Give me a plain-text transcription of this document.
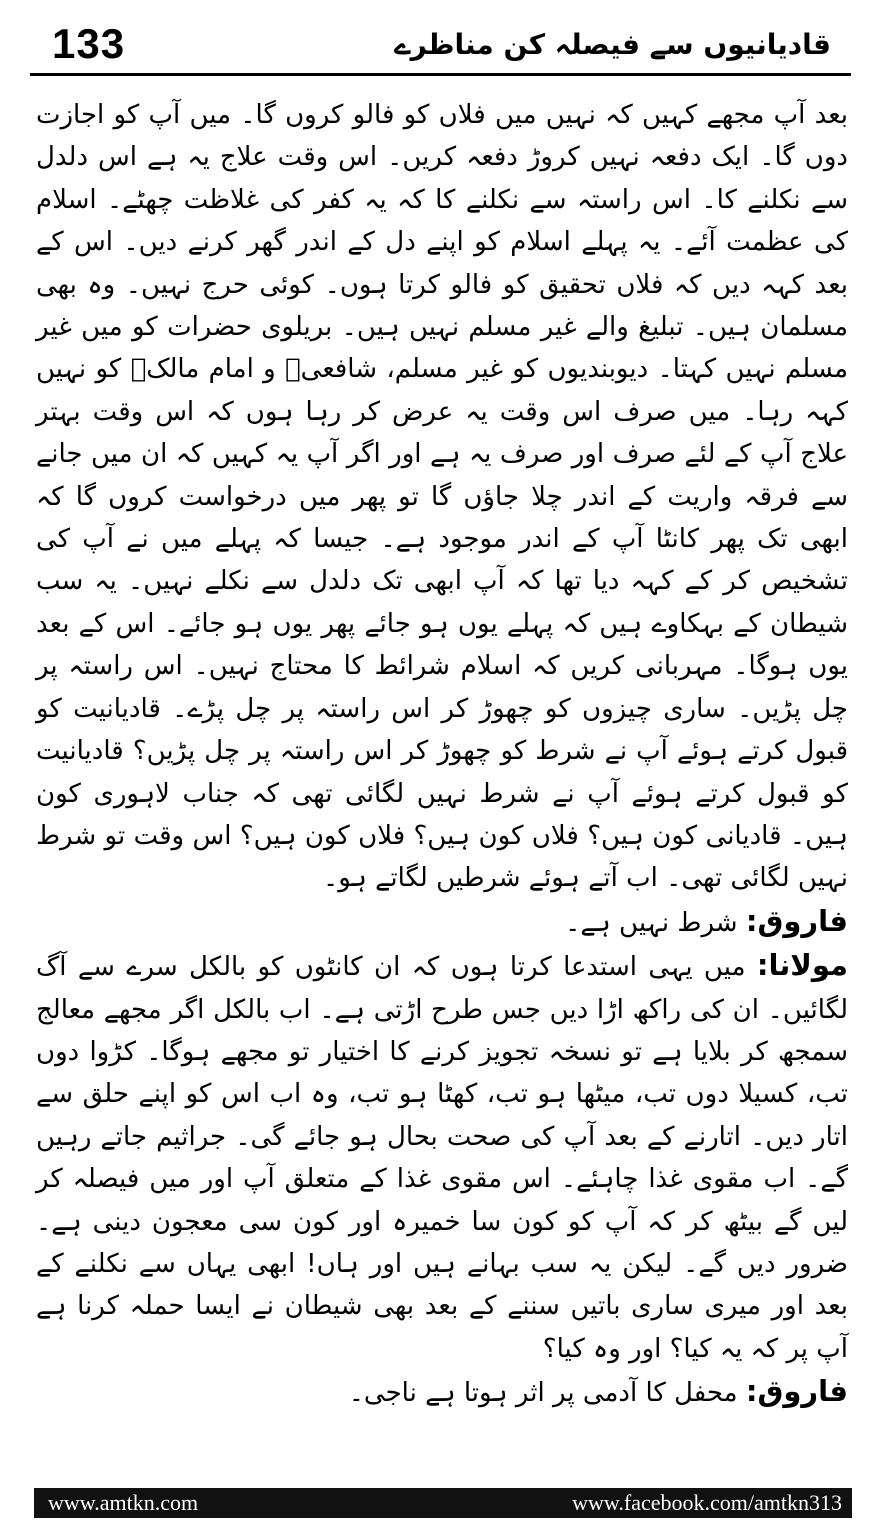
133	قادیانیوں سے فیصلہ کن مناظرے

بعد آپ مجھے کہیں کہ نہیں میں فلاں کو فالو کروں گا۔ میں آپ کو اجازت دوں گا۔ ایک دفعہ نہیں کروڑ دفعہ کریں۔ اس وقت علاج یہ ہے اس دلدل سے نکلنے کا۔ اس راستہ سے نکلنے کا کہ یہ کفر کی غلاظت چھٹے۔ اسلام کی عظمت آئے۔ یہ پہلے اسلام کو اپنے دل کے اندر گھر کرنے دیں۔ اس کے بعد کہہ دیں کہ فلاں تحقیق کو فالو کرتا ہوں۔ کوئی حرج نہیں۔ وہ بھی مسلمان ہیں۔ تبلیغ والے غیر مسلم نہیں ہیں۔ بریلوی حضرات کو میں غیر مسلم نہیں کہتا۔ دیوبندیوں کو غیر مسلم، شافعیؒ و امام مالکؒ کو نہیں کہہ رہا۔ میں صرف اس وقت یہ عرض کر رہا ہوں کہ اس وقت بہتر علاج آپ کے لئے صرف اور صرف یہ ہے اور اگر آپ یہ کہیں کہ ان میں جانے سے فرقہ واریت کے اندر چلا جاؤں گا تو پھر میں درخواست کروں گا کہ ابھی تک پھر کانٹا آپ کے اندر موجود ہے۔ جیسا کہ پہلے میں نے آپ کی تشخیص کر کے کہہ دیا تھا کہ آپ ابھی تک دلدل سے نکلے نہیں۔ یہ سب شیطان کے بہکاوے ہیں کہ پہلے یوں ہو جائے پھر یوں ہو جائے۔ اس کے بعد یوں ہوگا۔ مہربانی کریں کہ اسلام شرائط کا محتاج نہیں۔ اس راستہ پر چل پڑیں۔ ساری چیزوں کو چھوڑ کر اس راستہ پر چل پڑے۔ قادیانیت کو قبول کرتے ہوئے آپ نے شرط کو چھوڑ کر اس راستہ پر چل پڑیں؟ قادیانیت کو قبول کرتے ہوئے آپ نے شرط نہیں لگائی تھی کہ جناب لاہوری کون ہیں۔ قادیانی کون ہیں؟ فلاں کون ہیں؟ فلاں کون ہیں؟ اس وقت تو شرط نہیں لگائی تھی۔ اب آتے ہوئے شرطیں لگاتے ہو۔

فاروق: شرط نہیں ہے۔

مولانا: میں یہی استدعا کرتا ہوں کہ ان کانٹوں کو بالکل سرے سے آگ لگائیں۔ ان کی راکھ اڑا دیں جس طرح اڑتی ہے۔ اب بالکل اگر مجھے معالج سمجھ کر بلایا ہے تو نسخہ تجویز کرنے کا اختیار تو مجھے ہوگا۔ کڑوا دوں تب، کسیلا دوں تب، میٹھا ہو تب، کھٹا ہو تب، وہ اب اس کو اپنے حلق سے اتار دیں۔ اتارنے کے بعد آپ کی صحت بحال ہو جائے گی۔ جراثیم جاتے رہیں گے۔ اب مقوی غذا چاہئے۔ اس مقوی غذا کے متعلق آپ اور میں فیصلہ کر لیں گے بیٹھ کر کہ آپ کو کون سا خمیرہ اور کون سی معجون دینی ہے۔ ضرور دیں گے۔ لیکن یہ سب بہانے ہیں اور ہاں! ابھی یہاں سے نکلنے کے بعد اور میری ساری باتیں سننے کے بعد بھی شیطان نے ایسا حملہ کرنا ہے آپ پر کہ یہ کیا؟ اور وہ کیا؟

فاروق: محفل کا آدمی پر اثر ہوتا ہے ناجی۔

www.amtkn.com	www.facebook.com/amtkn313
